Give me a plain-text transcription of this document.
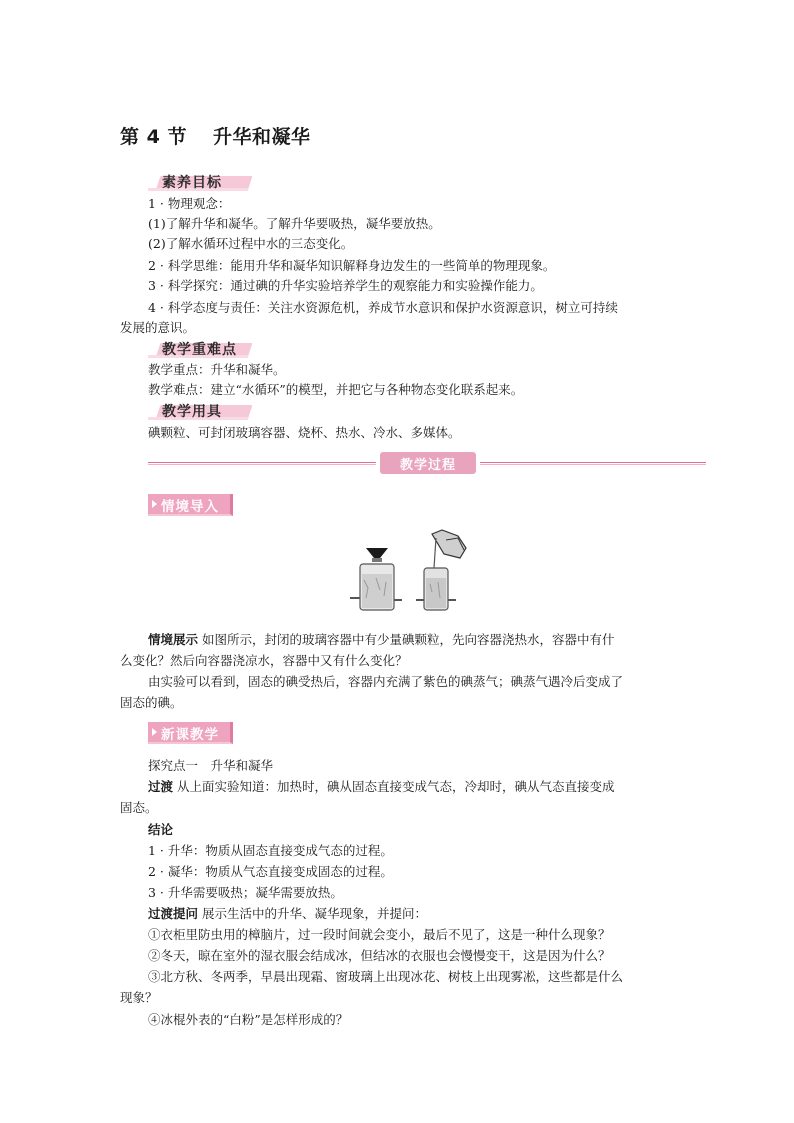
第 4 节 升华和凝华
素养目标
1 · 物理观念：
(1)了解升华和凝华。了解升华要吸热，凝华要放热。
(2)了解水循环过程中水的三态变化。
2 · 科学思维：能用升华和凝华知识解释身边发生的一些简单的物理现象。
3 · 科学探究：通过碘的升华实验培养学生的观察能力和实验操作能力。
4 · 科学态度与责任：关注水资源危机，养成节水意识和保护水资源意识，树立可持续
发展的意识。
教学重难点
教学重点：升华和凝华。
教学难点：建立“水循环”的模型，并把它与各种物态变化联系起来。
教学用具
碘颗粒、可封闭玻璃容器、烧杯、热水、冷水、多媒体。
教学过程
情境导入
情境展示 如图所示，封闭的玻璃容器中有少量碘颗粒，先向容器浇热水，容器中有什
么变化？然后向容器浇凉水，容器中又有什么变化？
由实验可以看到，固态的碘受热后，容器内充满了紫色的碘蒸气；碘蒸气遇冷后变成了
固态的碘。
新课教学
探究点一　升华和凝华
过渡 从上面实验知道：加热时，碘从固态直接变成气态，冷却时，碘从气态直接变成
固态。
结论
1 · 升华：物质从固态直接变成气态的过程。
2 · 凝华：物质从气态直接变成固态的过程。
3 · 升华需要吸热；凝华需要放热。
过渡提问 展示生活中的升华、凝华现象，并提问：
①衣柜里防虫用的樟脑片，过一段时间就会变小，最后不见了，这是一种什么现象？
②冬天，晾在室外的湿衣服会结成冰，但结冰的衣服也会慢慢变干，这是因为什么？
③北方秋、冬两季，早晨出现霜、窗玻璃上出现冰花、树枝上出现雾凇，这些都是什么
现象？
④冰棍外表的“白粉”是怎样形成的？
